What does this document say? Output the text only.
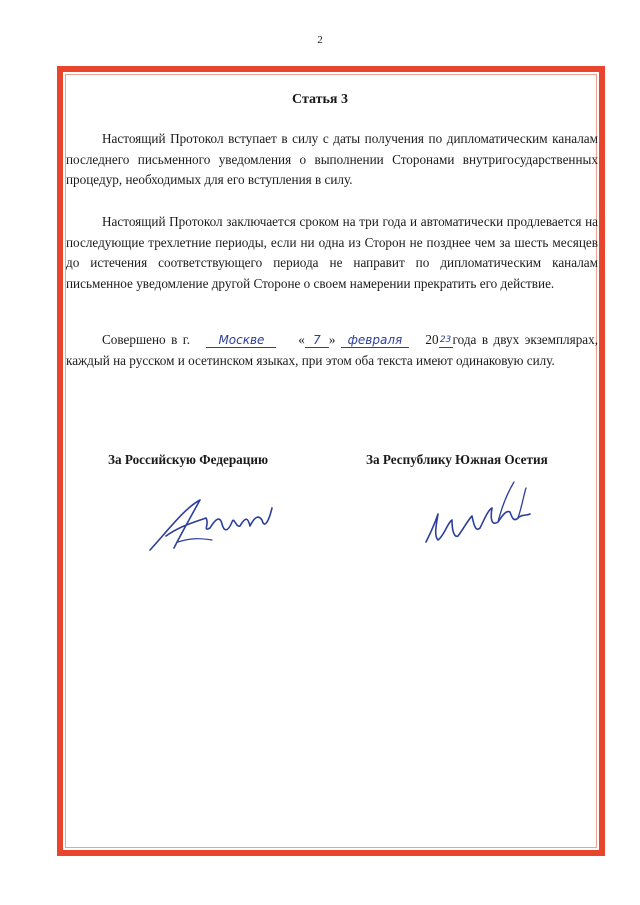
2
Статья 3

Настоящий Протокол вступает в силу с даты получения по дипломатическим каналам последнего письменного уведомления о выполнении Сторонами внутригосударственных процедур, необходимых для его вступления в силу.

Настоящий Протокол заключается сроком на три года и автоматически продлевается на последующие трехлетние периоды, если ни одна из Сторон не позднее чем за шесть месяцев до истечения соответствующего периода не направит по дипломатическим каналам письменное уведомление другой Стороне о своем намерении прекратить его действие.

Совершено в г. Москве	« 7 » февраля 2023года в двух экземплярах, каждый на русском и осетинском языках, при этом оба текста имеют одинаковую силу.

За Российскую Федерацию	За Республику Южная Осетия
